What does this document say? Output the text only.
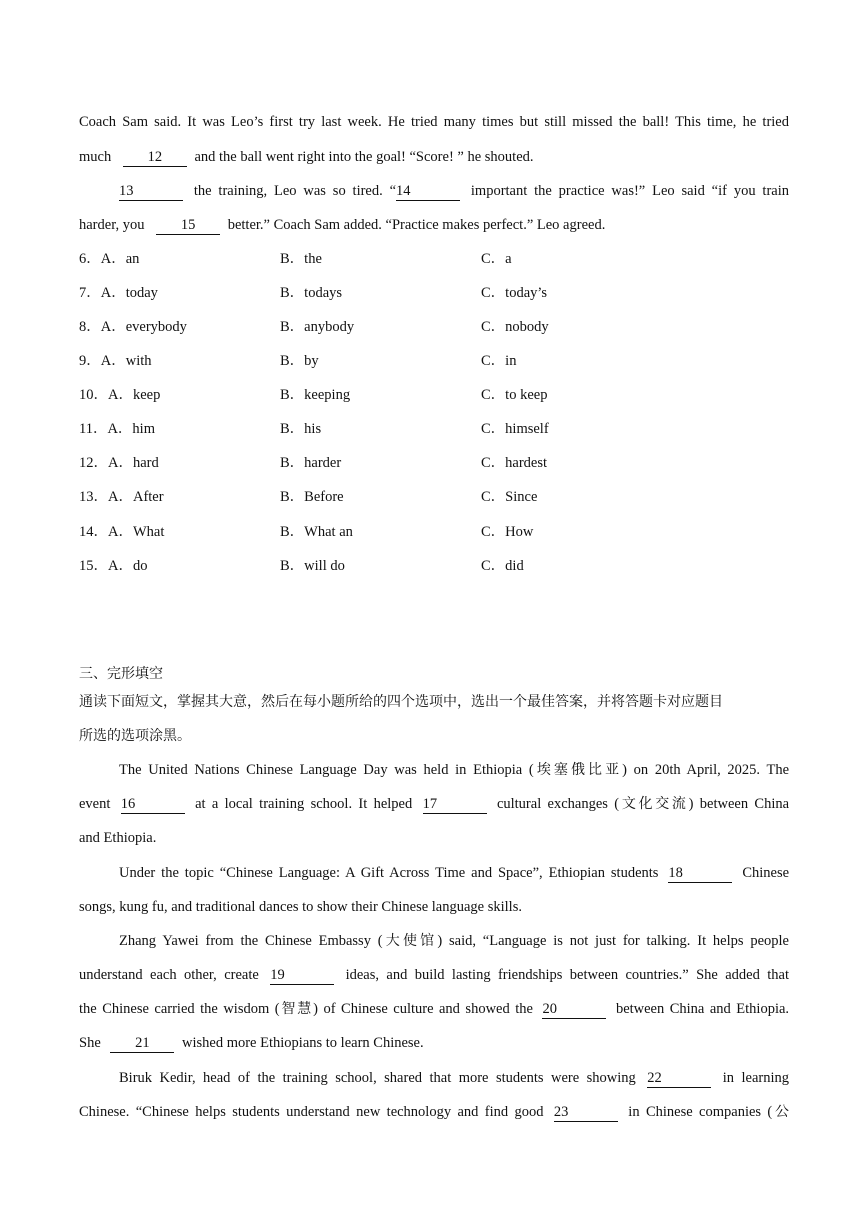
Coach Sam said. It was Leo’s first try last week. He tried many times but still missed the ball! This time, he tried
much	12 and the ball went right into the goal! “Score! ” he shouted.
13	the training, Leo was so tired. “14	important the practice was!” Leo said “if you train
harder, you	15 better.” Coach Sam added. “Practice makes perfect.” Leo agreed.
6．A．an	B．the	C．a
7．A．today	B．todays	C．today’s
8．A．everybody	B．anybody	C．nobody
9．A．with	B．by	C．in
10．A．keep	B．keeping	C．to keep
11．A．him	B．his	C．himself
12．A．hard	B．harder	C．hardest
13．A．After	B．Before	C．Since
14．A．What	B．What an	C．How
15．A．do	B．will do	C．did
三、完形填空
通读下面短文，掌握其大意，然后在每小题所给的四个选项中，选出一个最佳答案，并将答题卡对应题目
所选的选项涂黑。
The United Nations Chinese Language Day was held in Ethiopia (埃塞俄比亚) on 20th April, 2025. The
event 16	at a local training school. It helped 17	cultural exchanges (文化交流) between China
and Ethiopia.
Under the topic “Chinese Language: A Gift Across Time and Space”, Ethiopian students 18	Chinese
songs, kung fu, and traditional dances to show their Chinese language skills.
Zhang Yawei from the Chinese Embassy (大使馆) said, “Language is not just for talking. It helps people
understand each other, create 19	ideas, and build lasting friendships between countries.” She added that
the Chinese carried the wisdom (智慧) of Chinese culture and showed the 20	between China and Ethiopia.
She 21 wished more Ethiopians to learn Chinese.
Biruk Kedir, head of the training school, shared that more students were showing 22	in learning
Chinese. “Chinese helps students understand new technology and find good 23	in Chinese companies (公
